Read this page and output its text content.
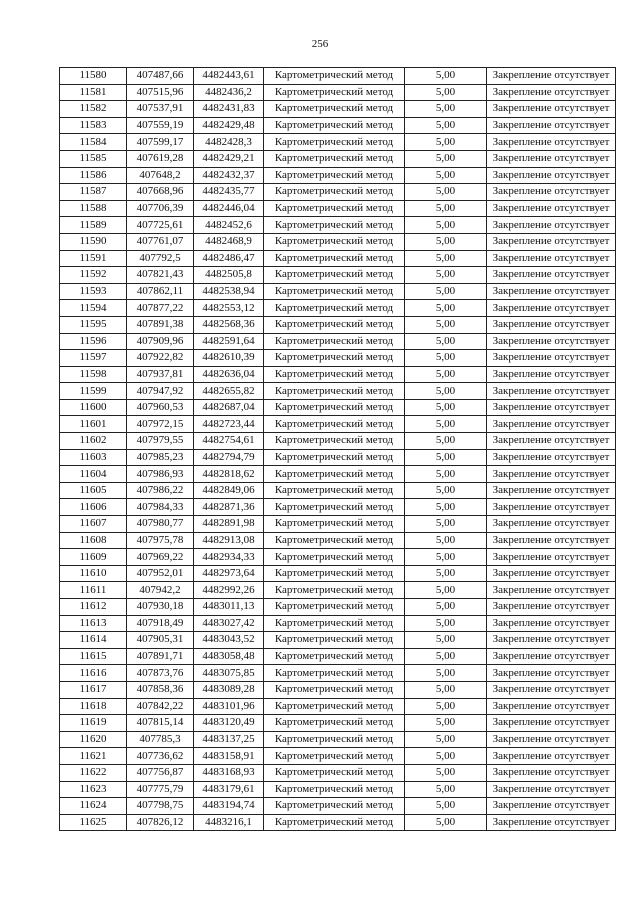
256
11580	407487,66	4482443,61	Картометрический метод	5,00	Закрепление отсутствует
11581	407515,96	4482436,2	Картометрический метод	5,00	Закрепление отсутствует
11582	407537,91	4482431,83	Картометрический метод	5,00	Закрепление отсутствует
11583	407559,19	4482429,48	Картометрический метод	5,00	Закрепление отсутствует
11584	407599,17	4482428,3	Картометрический метод	5,00	Закрепление отсутствует
11585	407619,28	4482429,21	Картометрический метод	5,00	Закрепление отсутствует
11586	407648,2	4482432,37	Картометрический метод	5,00	Закрепление отсутствует
11587	407668,96	4482435,77	Картометрический метод	5,00	Закрепление отсутствует
11588	407706,39	4482446,04	Картометрический метод	5,00	Закрепление отсутствует
11589	407725,61	4482452,6	Картометрический метод	5,00	Закрепление отсутствует
11590	407761,07	4482468,9	Картометрический метод	5,00	Закрепление отсутствует
11591	407792,5	4482486,47	Картометрический метод	5,00	Закрепление отсутствует
11592	407821,43	4482505,8	Картометрический метод	5,00	Закрепление отсутствует
11593	407862,11	4482538,94	Картометрический метод	5,00	Закрепление отсутствует
11594	407877,22	4482553,12	Картометрический метод	5,00	Закрепление отсутствует
11595	407891,38	4482568,36	Картометрический метод	5,00	Закрепление отсутствует
11596	407909,96	4482591,64	Картометрический метод	5,00	Закрепление отсутствует
11597	407922,82	4482610,39	Картометрический метод	5,00	Закрепление отсутствует
11598	407937,81	4482636,04	Картометрический метод	5,00	Закрепление отсутствует
11599	407947,92	4482655,82	Картометрический метод	5,00	Закрепление отсутствует
11600	407960,53	4482687,04	Картометрический метод	5,00	Закрепление отсутствует
11601	407972,15	4482723,44	Картометрический метод	5,00	Закрепление отсутствует
11602	407979,55	4482754,61	Картометрический метод	5,00	Закрепление отсутствует
11603	407985,23	4482794,79	Картометрический метод	5,00	Закрепление отсутствует
11604	407986,93	4482818,62	Картометрический метод	5,00	Закрепление отсутствует
11605	407986,22	4482849,06	Картометрический метод	5,00	Закрепление отсутствует
11606	407984,33	4482871,36	Картометрический метод	5,00	Закрепление отсутствует
11607	407980,77	4482891,98	Картометрический метод	5,00	Закрепление отсутствует
11608	407975,78	4482913,08	Картометрический метод	5,00	Закрепление отсутствует
11609	407969,22	4482934,33	Картометрический метод	5,00	Закрепление отсутствует
11610	407952,01	4482973,64	Картометрический метод	5,00	Закрепление отсутствует
11611	407942,2	4482992,26	Картометрический метод	5,00	Закрепление отсутствует
11612	407930,18	4483011,13	Картометрический метод	5,00	Закрепление отсутствует
11613	407918,49	4483027,42	Картометрический метод	5,00	Закрепление отсутствует
11614	407905,31	4483043,52	Картометрический метод	5,00	Закрепление отсутствует
11615	407891,71	4483058,48	Картометрический метод	5,00	Закрепление отсутствует
11616	407873,76	4483075,85	Картометрический метод	5,00	Закрепление отсутствует
11617	407858,36	4483089,28	Картометрический метод	5,00	Закрепление отсутствует
11618	407842,22	4483101,96	Картометрический метод	5,00	Закрепление отсутствует
11619	407815,14	4483120,49	Картометрический метод	5,00	Закрепление отсутствует
11620	407785,3	4483137,25	Картометрический метод	5,00	Закрепление отсутствует
11621	407736,62	4483158,91	Картометрический метод	5,00	Закрепление отсутствует
11622	407756,87	4483168,93	Картометрический метод	5,00	Закрепление отсутствует
11623	407775,79	4483179,61	Картометрический метод	5,00	Закрепление отсутствует
11624	407798,75	4483194,74	Картометрический метод	5,00	Закрепление отсутствует
11625	407826,12	4483216,1	Картометрический метод	5,00	Закрепление отсутствует
